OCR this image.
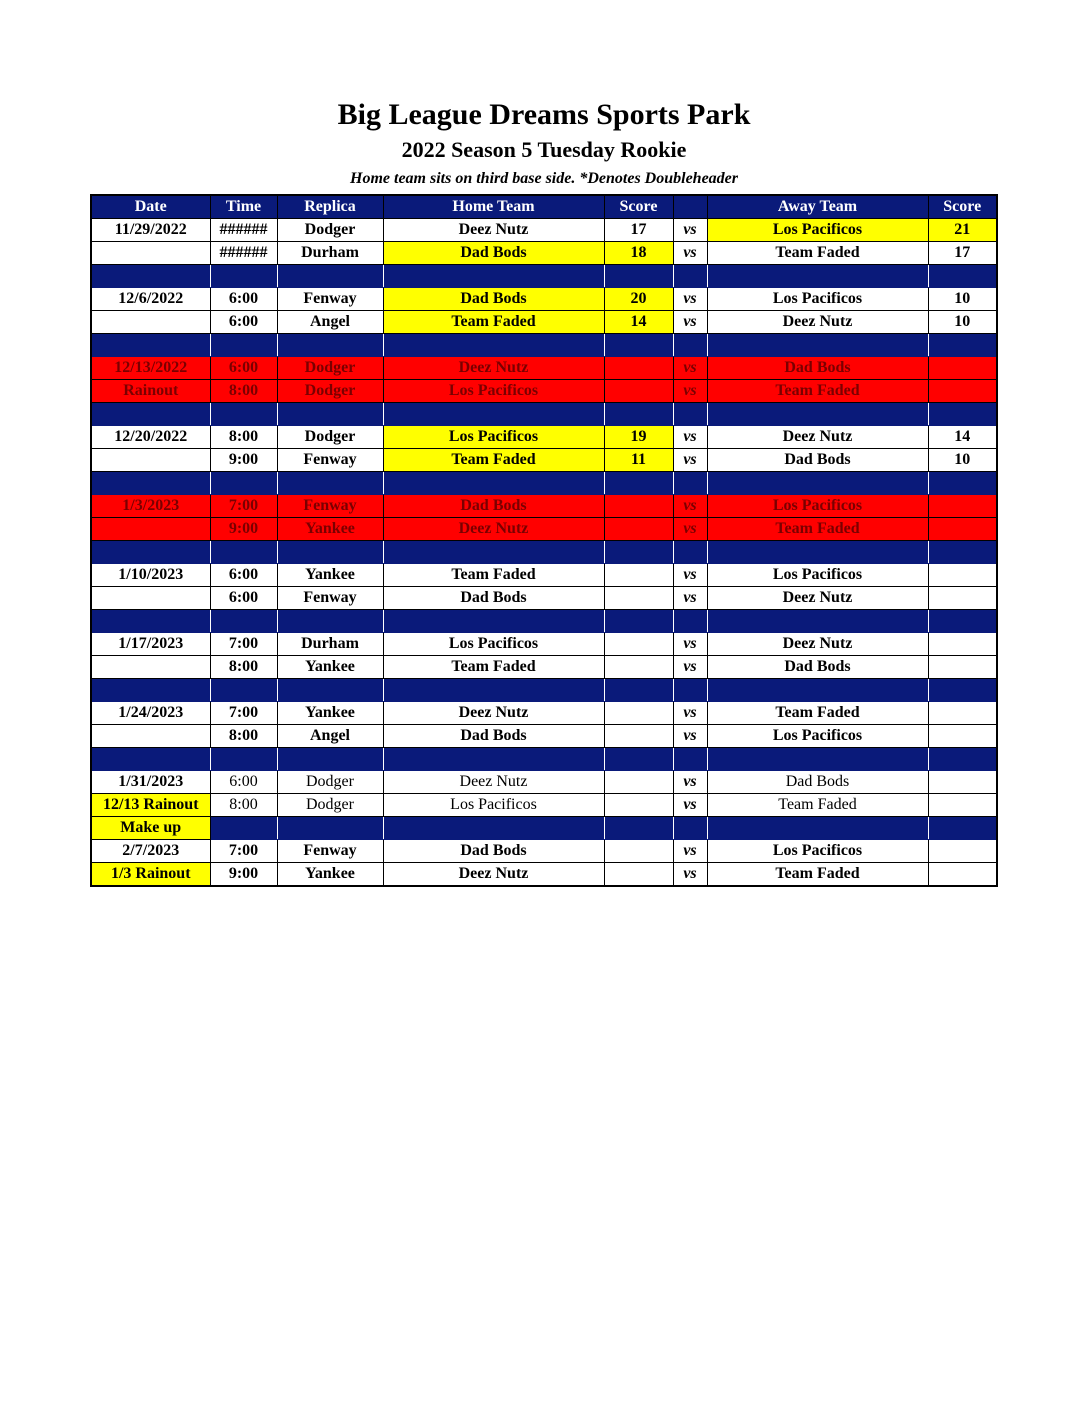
Big League Dreams Sports Park
2022 Season 5 Tuesday Rookie
Home team sits on third base side. *Denotes Doubleheader
Date	Time	Replica	Home Team	Score		Away Team	Score
11/29/2022	######	Dodger	Deez Nutz	17	vs	Los Pacificos	21
	######	Durham	Dad Bods	18	vs	Team Faded	17

12/6/2022	6:00	Fenway	Dad Bods	20	vs	Los Pacificos	10
	6:00	Angel	Team Faded	14	vs	Deez Nutz	10

12/13/2022	6:00	Dodger	Deez Nutz		vs	Dad Bods	
Rainout	8:00	Dodger	Los Pacificos		vs	Team Faded	

12/20/2022	8:00	Dodger	Los Pacificos	19	vs	Deez Nutz	14
	9:00	Fenway	Team Faded	11	vs	Dad Bods	10

1/3/2023	7:00	Fenway	Dad Bods		vs	Los Pacificos	
	9:00	Yankee	Deez Nutz		vs	Team Faded	

1/10/2023	6:00	Yankee	Team Faded		vs	Los Pacificos	
	6:00	Fenway	Dad Bods		vs	Deez Nutz	

1/17/2023	7:00	Durham	Los Pacificos		vs	Deez Nutz	
	8:00	Yankee	Team Faded		vs	Dad Bods	

1/24/2023	7:00	Yankee	Deez Nutz		vs	Team Faded	
	8:00	Angel	Dad Bods		vs	Los Pacificos	

1/31/2023	6:00	Dodger	Deez Nutz		vs	Dad Bods	
12/13 Rainout	8:00	Dodger	Los Pacificos		vs	Team Faded	
Make up							
2/7/2023	7:00	Fenway	Dad Bods		vs	Los Pacificos	
1/3 Rainout	9:00	Yankee	Deez Nutz		vs	Team Faded	
